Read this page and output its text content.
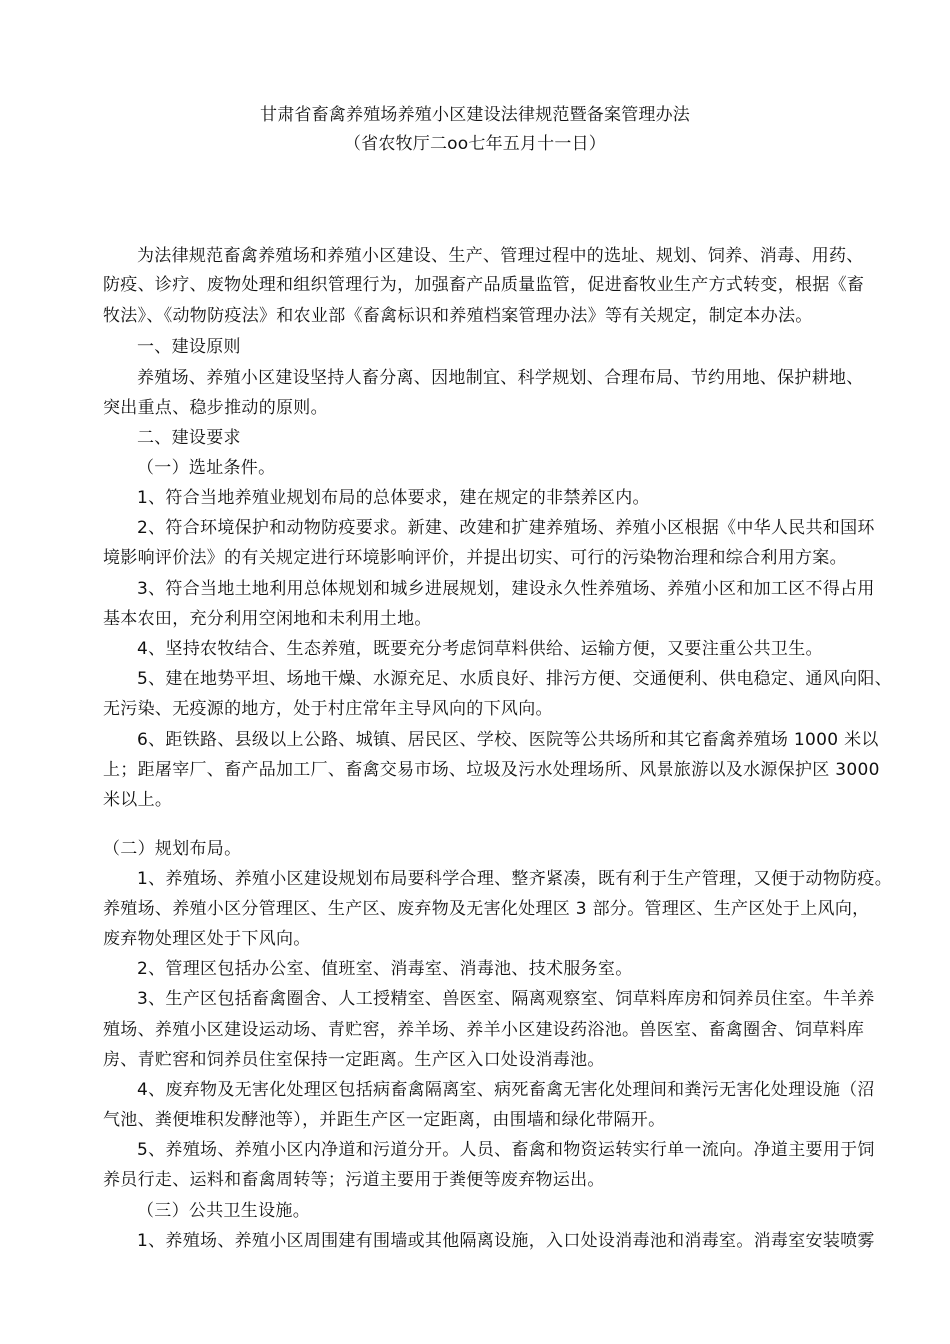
甘肃省畜禽养殖场养殖小区建设法律规范暨备案管理办法
（省农牧厅二oo七年五月十一日）
为法律规范畜禽养殖场和养殖小区建设、生产、管理过程中的选址、规划、饲养、消毒、用药、
防疫、诊疗、废物处理和组织管理行为，加强畜产品质量监管，促进畜牧业生产方式转变，根据《畜
牧法》、《动物防疫法》和农业部《畜禽标识和养殖档案管理办法》等有关规定，制定本办法。
一、建设原则
养殖场、养殖小区建设坚持人畜分离、因地制宜、科学规划、合理布局、节约用地、保护耕地、
突出重点、稳步推动的原则。
二、建设要求
（一）选址条件。
1、符合当地养殖业规划布局的总体要求，建在规定的非禁养区内。
2、符合环境保护和动物防疫要求。新建、改建和扩建养殖场、养殖小区根据《中华人民共和国环
境影响评价法》的有关规定进行环境影响评价，并提出切实、可行的污染物治理和综合利用方案。
3、符合当地土地利用总体规划和城乡进展规划，建设永久性养殖场、养殖小区和加工区不得占用
基本农田，充分利用空闲地和未利用土地。
4、坚持农牧结合、生态养殖，既要充分考虑饲草料供给、运输方便，又要注重公共卫生。
5、建在地势平坦、场地干燥、水源充足、水质良好、排污方便、交通便利、供电稳定、通风向阳、
无污染、无疫源的地方，处于村庄常年主导风向的下风向。
6、距铁路、县级以上公路、城镇、居民区、学校、医院等公共场所和其它畜禽养殖场 1000 米以
上；距屠宰厂、畜产品加工厂、畜禽交易市场、垃圾及污水处理场所、风景旅游以及水源保护区 3000
米以上。
（二）规划布局。
1、养殖场、养殖小区建设规划布局要科学合理、整齐紧凑，既有利于生产管理，又便于动物防疫。
养殖场、养殖小区分管理区、生产区、废弃物及无害化处理区 3 部分。管理区、生产区处于上风向，
废弃物处理区处于下风向。
2、管理区包括办公室、值班室、消毒室、消毒池、技术服务室。
3、生产区包括畜禽圈舍、人工授精室、兽医室、隔离观察室、饲草料库房和饲养员住室。牛羊养
殖场、养殖小区建设运动场、青贮窖，养羊场、养羊小区建设药浴池。兽医室、畜禽圈舍、饲草料库
房、青贮窖和饲养员住室保持一定距离。生产区入口处设消毒池。
4、废弃物及无害化处理区包括病畜禽隔离室、病死畜禽无害化处理间和粪污无害化处理设施（沼
气池、粪便堆积发酵池等），并距生产区一定距离，由围墙和绿化带隔开。
5、养殖场、养殖小区内净道和污道分开。人员、畜禽和物资运转实行单一流向。净道主要用于饲
养员行走、运料和畜禽周转等；污道主要用于粪便等废弃物运出。
（三）公共卫生设施。
1、养殖场、养殖小区周围建有围墙或其他隔离设施，入口处设消毒池和消毒室。消毒室安装喷雾
